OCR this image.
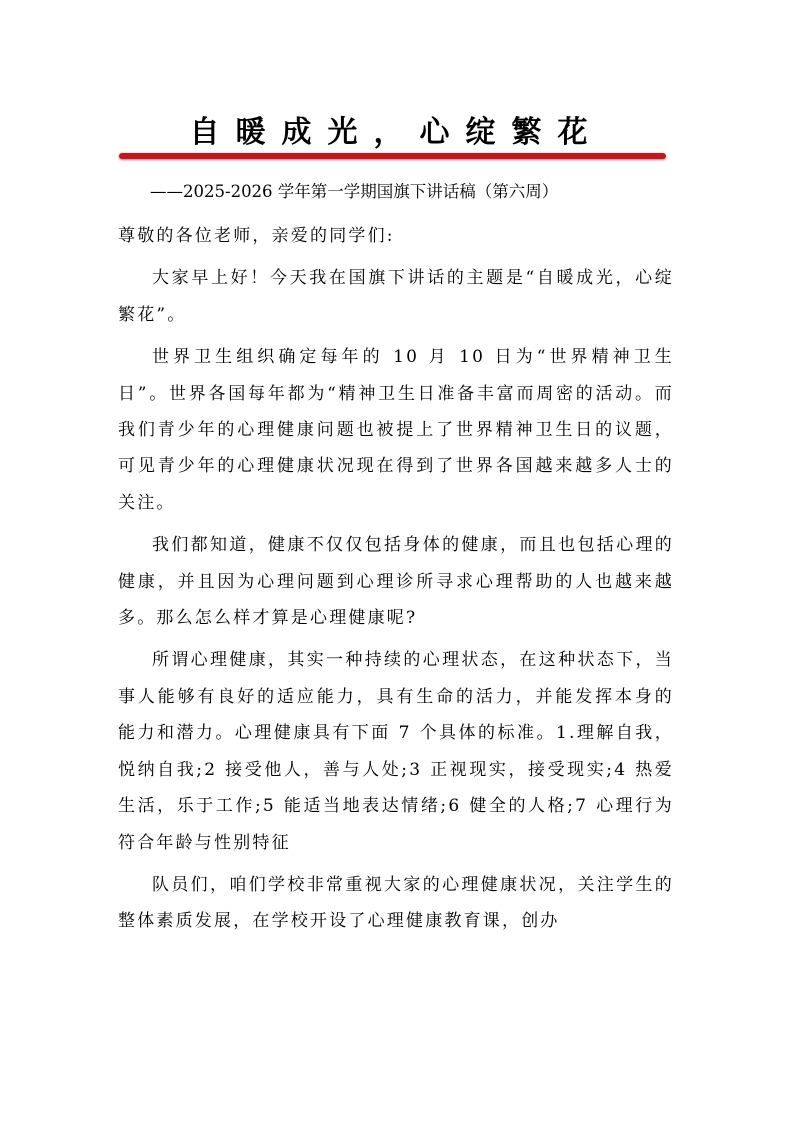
自暖成光，心绽繁花
——2025-2026 学年第一学期国旗下讲话稿（第六周）

尊敬的各位老师，亲爱的同学们:

大家早上好！今天我在国旗下讲话的主题是“自暖成光，心绽繁花”。

世界卫生组织确定每年的 10 月 10 日为“世界精神卫生日”。世界各国每年都为“精神卫生日准备丰富而周密的活动。而我们青少年的心理健康问题也被提上了世界精神卫生日的议题，可见青少年的心理健康状况现在得到了世界各国越来越多人士的关注。

我们都知道，健康不仅仅包括身体的健康，而且也包括心理的健康，并且因为心理问题到心理诊所寻求心理帮助的人也越来越多。那么怎么样才算是心理健康呢?

所谓心理健康，其实一种持续的心理状态，在这种状态下，当事人能够有良好的适应能力，具有生命的活力，并能发挥本身的能力和潜力。心理健康具有下面 7 个具体的标准。1.理解自我，悦纳自我;2 接受他人，善与人处;3 正视现实，接受现实;4 热爱生活，乐于工作;5 能适当地表达情绪;6 健全的人格;7 心理行为符合年龄与性别特征

队员们，咱们学校非常重视大家的心理健康状况，关注学生的整体素质发展，在学校开设了心理健康教育课，创办
